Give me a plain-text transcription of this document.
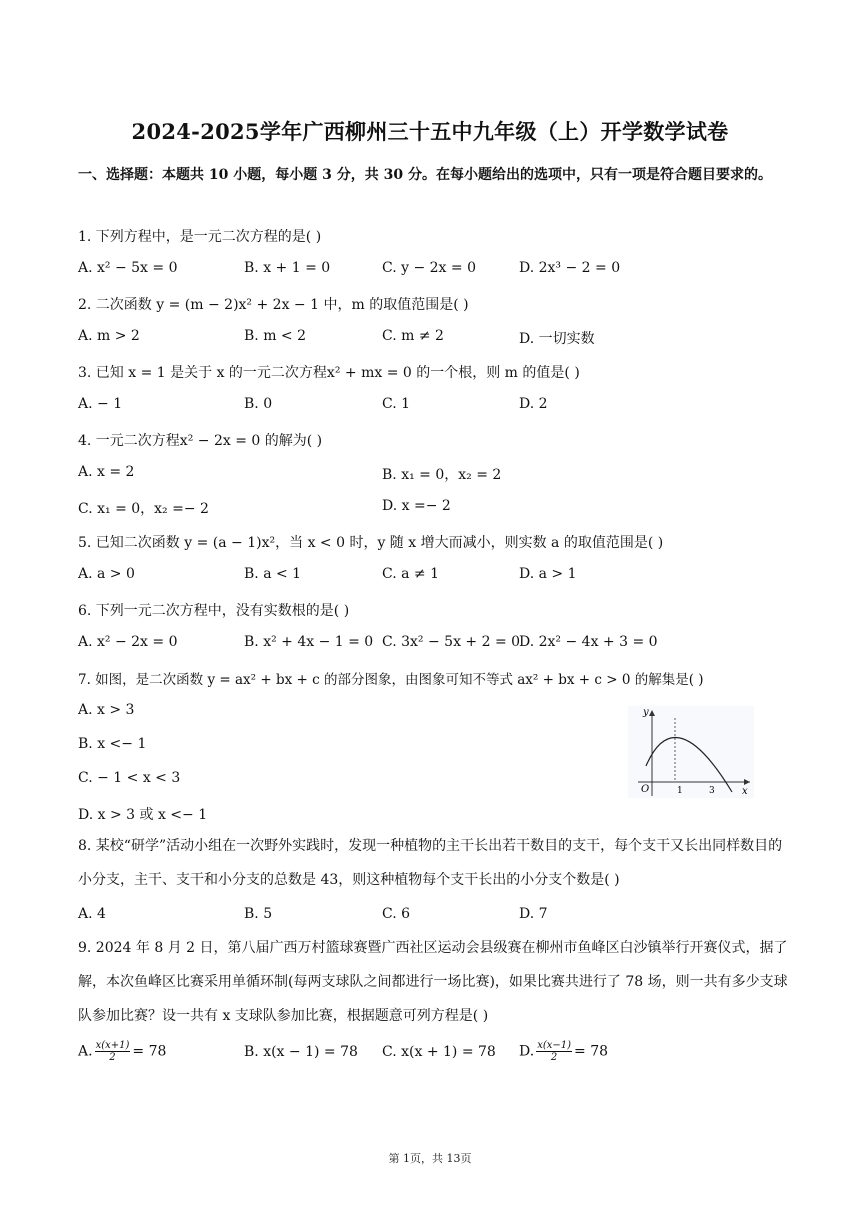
2024-2025学年广西柳州三十五中九年级（上）开学数学试卷
一、选择题：本题共 10 小题，每小题 3 分，共 30 分。在每小题给出的选项中，只有一项是符合题目要求的。
1. 下列方程中，是一元二次方程的是( )
A. x² − 5x = 0	B. x + 1 = 0	C. y − 2x = 0	D. 2x³ − 2 = 0
2. 二次函数 y = (m − 2)x² + 2x − 1 中，m 的取值范围是( )
A. m > 2	B. m < 2	C. m ≠ 2	D. 一切实数
3. 已知 x = 1 是关于 x 的一元二次方程x² + mx = 0 的一个根，则 m 的值是( )
A. − 1	B. 0	C. 1	D. 2
4. 一元二次方程x² − 2x = 0 的解为( )
A. x = 2	B. x₁ = 0，x₂ = 2
C. x₁ = 0，x₂ =− 2	D. x =− 2
5. 已知二次函数 y = (a − 1)x²，当 x < 0 时，y 随 x 增大而减小，则实数 a 的取值范围是( )
A. a > 0	B. a < 1	C. a ≠ 1	D. a > 1
6. 下列一元二次方程中，没有实数根的是( )
A. x² − 2x = 0	B. x² + 4x − 1 = 0 C. 3x² − 5x + 2 = 0
D. 2x² − 4x + 3 = 0
7. 如图，是二次函数 y = ax² + bx + c 的部分图象，由图象可知不等式 ax² + bx + c > 0 的解集是( )
A. x > 3
B. x <− 1
C. − 1 < x < 3
D. x > 3 或 x <− 1
y
x
O	1	3
8. 某校“研学”活动小组在一次野外实践时，发现一种植物的主干长出若干数目的支干，每个支干又长出同样数目的小分支，主干、支干和小分支的总数是 43，则这种植物每个支干长出的小分支个数是( )
A. 4	B. 5	C. 6	D. 7
9. 2024 年 8 月 2 日，第八届广西万村篮球赛暨广西社区运动会县级赛在柳州市鱼峰区白沙镇举行开赛仪式，据了解，本次鱼峰区比赛采用单循环制(每两支球队之间都进行一场比赛)，如果比赛共进行了 78 场，则一共有多少支球队参加比赛？设一共有 x 支球队参加比赛，根据题意可列方程是( )
A. $\frac{x(x+1)}{2} = 78$	B. x(x − 1) = 78 C. x(x + 1) = 78 D. $\frac{x(x-1)}{2} = 78$
第 1页，共 13页
